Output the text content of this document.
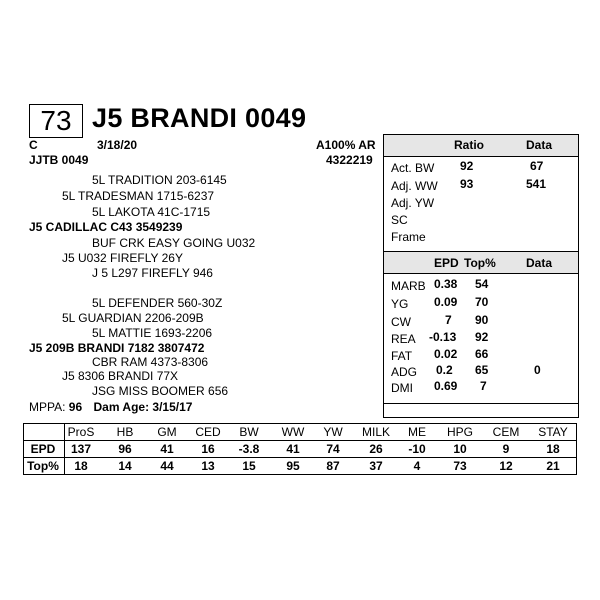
73 J5 BRANDI 0049
C	3/18/20	A100% AR
JJTB 0049	4322219
5L TRADITION 203-6145
5L TRADESMAN 1715-6237
5L LAKOTA 41C-1715
J5 CADILLAC C43 3549239
BUF CRK EASY GOING U032
J5 U032 FIREFLY 26Y
J 5 L297 FIREFLY 946
5L DEFENDER 560-30Z
5L GUARDIAN 2206-209B
5L MATTIE 1693-2206
J5 209B BRANDI 7182 3807472
CBR RAM 4373-8306
J5 8306 BRANDI 77X
JSG MISS BOOMER 656
MPPA: 96 Dam Age: 3/15/17
Ratio	Data
Act. BW 92	67
Adj. WW 93	541
Adj. YW
SC
Frame
EPD Top%	Data
MARB 0.38 54
YG 0.09 70
CW	7 90
REA -0.13 92
FAT 0.02 66
ADG 0.2 65	0
DMI 0.69 7
EPD
Top%
ProS	HB	GM	CED	BW	WW	YW	MILK	ME	HPG	CEM	STAY
137	96	41	16	-3.8	41	74	26	-10	10	9	18
18	14	44	13	15	95	87	37	4	73	12	21
